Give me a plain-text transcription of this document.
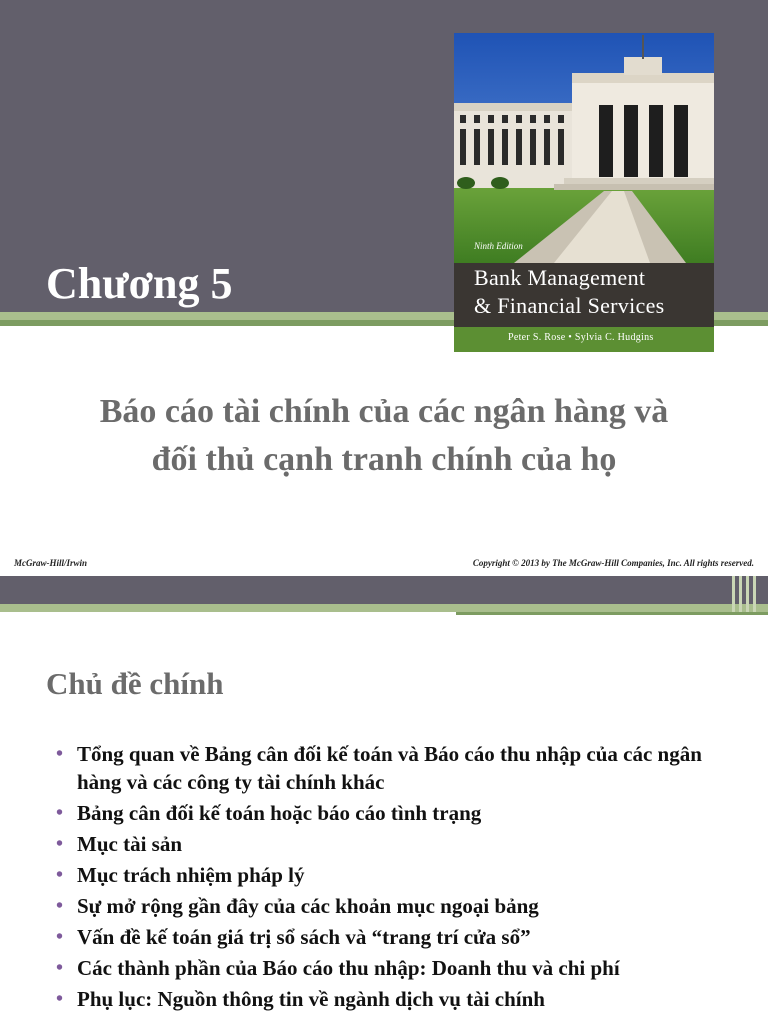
Chương 5

Ninth Edition

Bank Management

& Financial Services

Peter S. Rose • Sylvia C. Hudgins

Báo cáo tài chính của các ngân hàng và
đối thủ cạnh tranh chính của họ

McGraw-Hill/Irwin	Copyright © 2013 by The McGraw-Hill Companies, Inc. All rights reserved.

Chủ đề chính
• Tổng quan về Bảng cân đối kế toán và Báo cáo thu nhập của các ngân hàng và các công ty tài chính khác
• Bảng cân đối kế toán hoặc báo cáo tình trạng
• Mục tài sản
• Mục trách nhiệm pháp lý
• Sự mở rộng gần đây của các khoản mục ngoại bảng
• Vấn đề kế toán giá trị sổ sách và “trang trí cửa sổ”
• Các thành phần của Báo cáo thu nhập: Doanh thu và chi phí
• Phụ lục: Nguồn thông tin về ngành dịch vụ tài chính
